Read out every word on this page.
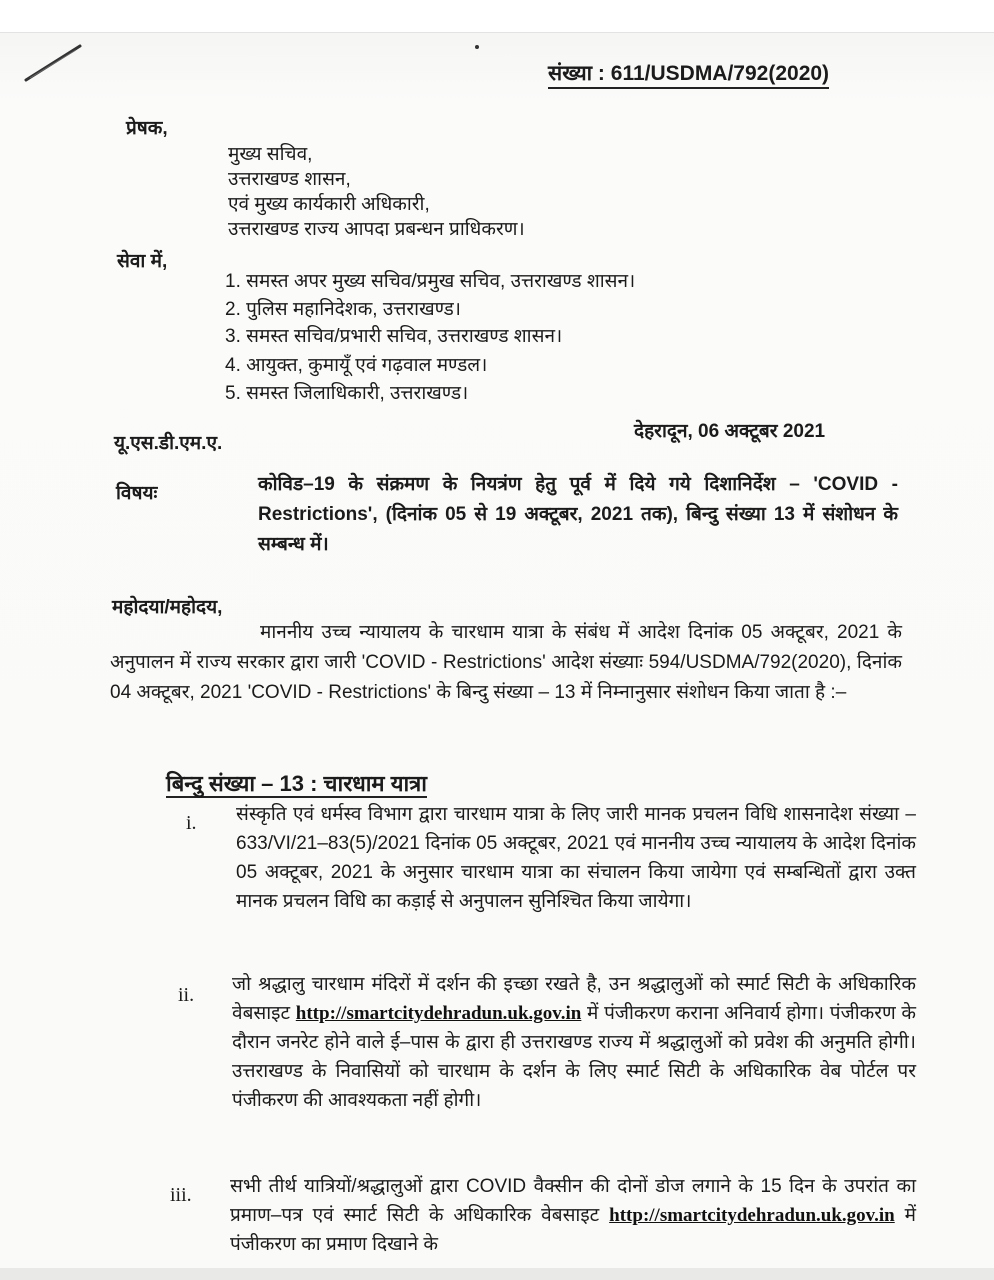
संख्या : 611/USDMA/792(2020)
प्रेषक,
मुख्य सचिव,
उत्तराखण्ड शासन,
एवं मुख्य कार्यकारी अधिकारी,
उत्तराखण्ड राज्य आपदा प्रबन्धन प्राधिकरण।
सेवा में,
1. समस्त अपर मुख्य सचिव/प्रमुख सचिव, उत्तराखण्ड शासन।
2. पुलिस महानिदेशक, उत्तराखण्ड।
3. समस्त सचिव/प्रभारी सचिव, उत्तराखण्ड शासन।
4. आयुक्त, कुमायूँ एवं गढ़वाल मण्डल।
5. समस्त जिलाधिकारी, उत्तराखण्ड।
यू.एस.डी.एम.ए.
देहरादून, 06 अक्टूबर 2021
विषयः	कोविड–19 के संक्रमण के नियत्रंण हेतु पूर्व में दिये गये दिशानिर्देश – 'COVID - Restrictions', (दिनांक 05 से 19 अक्टूबर, 2021 तक), बिन्दु संख्या 13 में संशोधन के सम्बन्ध में।
महोदया/महोदय,
माननीय उच्च न्यायालय के चारधाम यात्रा के संबंध में आदेश दिनांक 05 अक्टूबर, 2021 के अनुपालन में राज्य सरकार द्वारा जारी 'COVID - Restrictions' आदेश संख्याः 594/USDMA/792(2020), दिनांक 04 अक्टूबर, 2021 'COVID - Restrictions' के बिन्दु संख्या – 13 में निम्नानुसार संशोधन किया जाता है :–
बिन्दु संख्या – 13 : चारधाम यात्रा
i. संस्कृति एवं धर्मस्व विभाग द्वारा चारधाम यात्रा के लिए जारी मानक प्रचलन विधि शासनादेश संख्या – 633/VI/21–83(5)/2021 दिनांक 05 अक्टूबर, 2021 एवं माननीय उच्च न्यायालय के आदेश दिनांक 05 अक्टूबर, 2021 के अनुसार चारधाम यात्रा का संचालन किया जायेगा एवं सम्बन्धितों द्वारा उक्त मानक प्रचलन विधि का कड़ाई से अनुपालन सुनिश्चित किया जायेगा।
ii. जो श्रद्धालु चारधाम मंदिरों में दर्शन की इच्छा रखते है, उन श्रद्धालुओं को स्मार्ट सिटी के अधिकारिक वेबसाइट http://smartcitydehradun.uk.gov.in में पंजीकरण कराना अनिवार्य होगा। पंजीकरण के दौरान जनरेट होने वाले ई–पास के द्वारा ही उत्तराखण्ड राज्य में श्रद्धालुओं को प्रवेश की अनुमति होगी। उत्तराखण्ड के निवासियों को चारधाम के दर्शन के लिए स्मार्ट सिटी के अधिकारिक वेब पोर्टल पर पंजीकरण की आवश्यकता नहीं होगी।
iii. सभी तीर्थ यात्रियों/श्रद्धालुओं द्वारा COVID वैक्सीन की दोनों डोज लगाने के 15 दिन के उपरांत का प्रमाण–पत्र एवं स्मार्ट सिटी के अधिकारिक वेबसाइट http://smartcitydehradun.uk.gov.in में पंजीकरण का प्रमाण दिखाने के
